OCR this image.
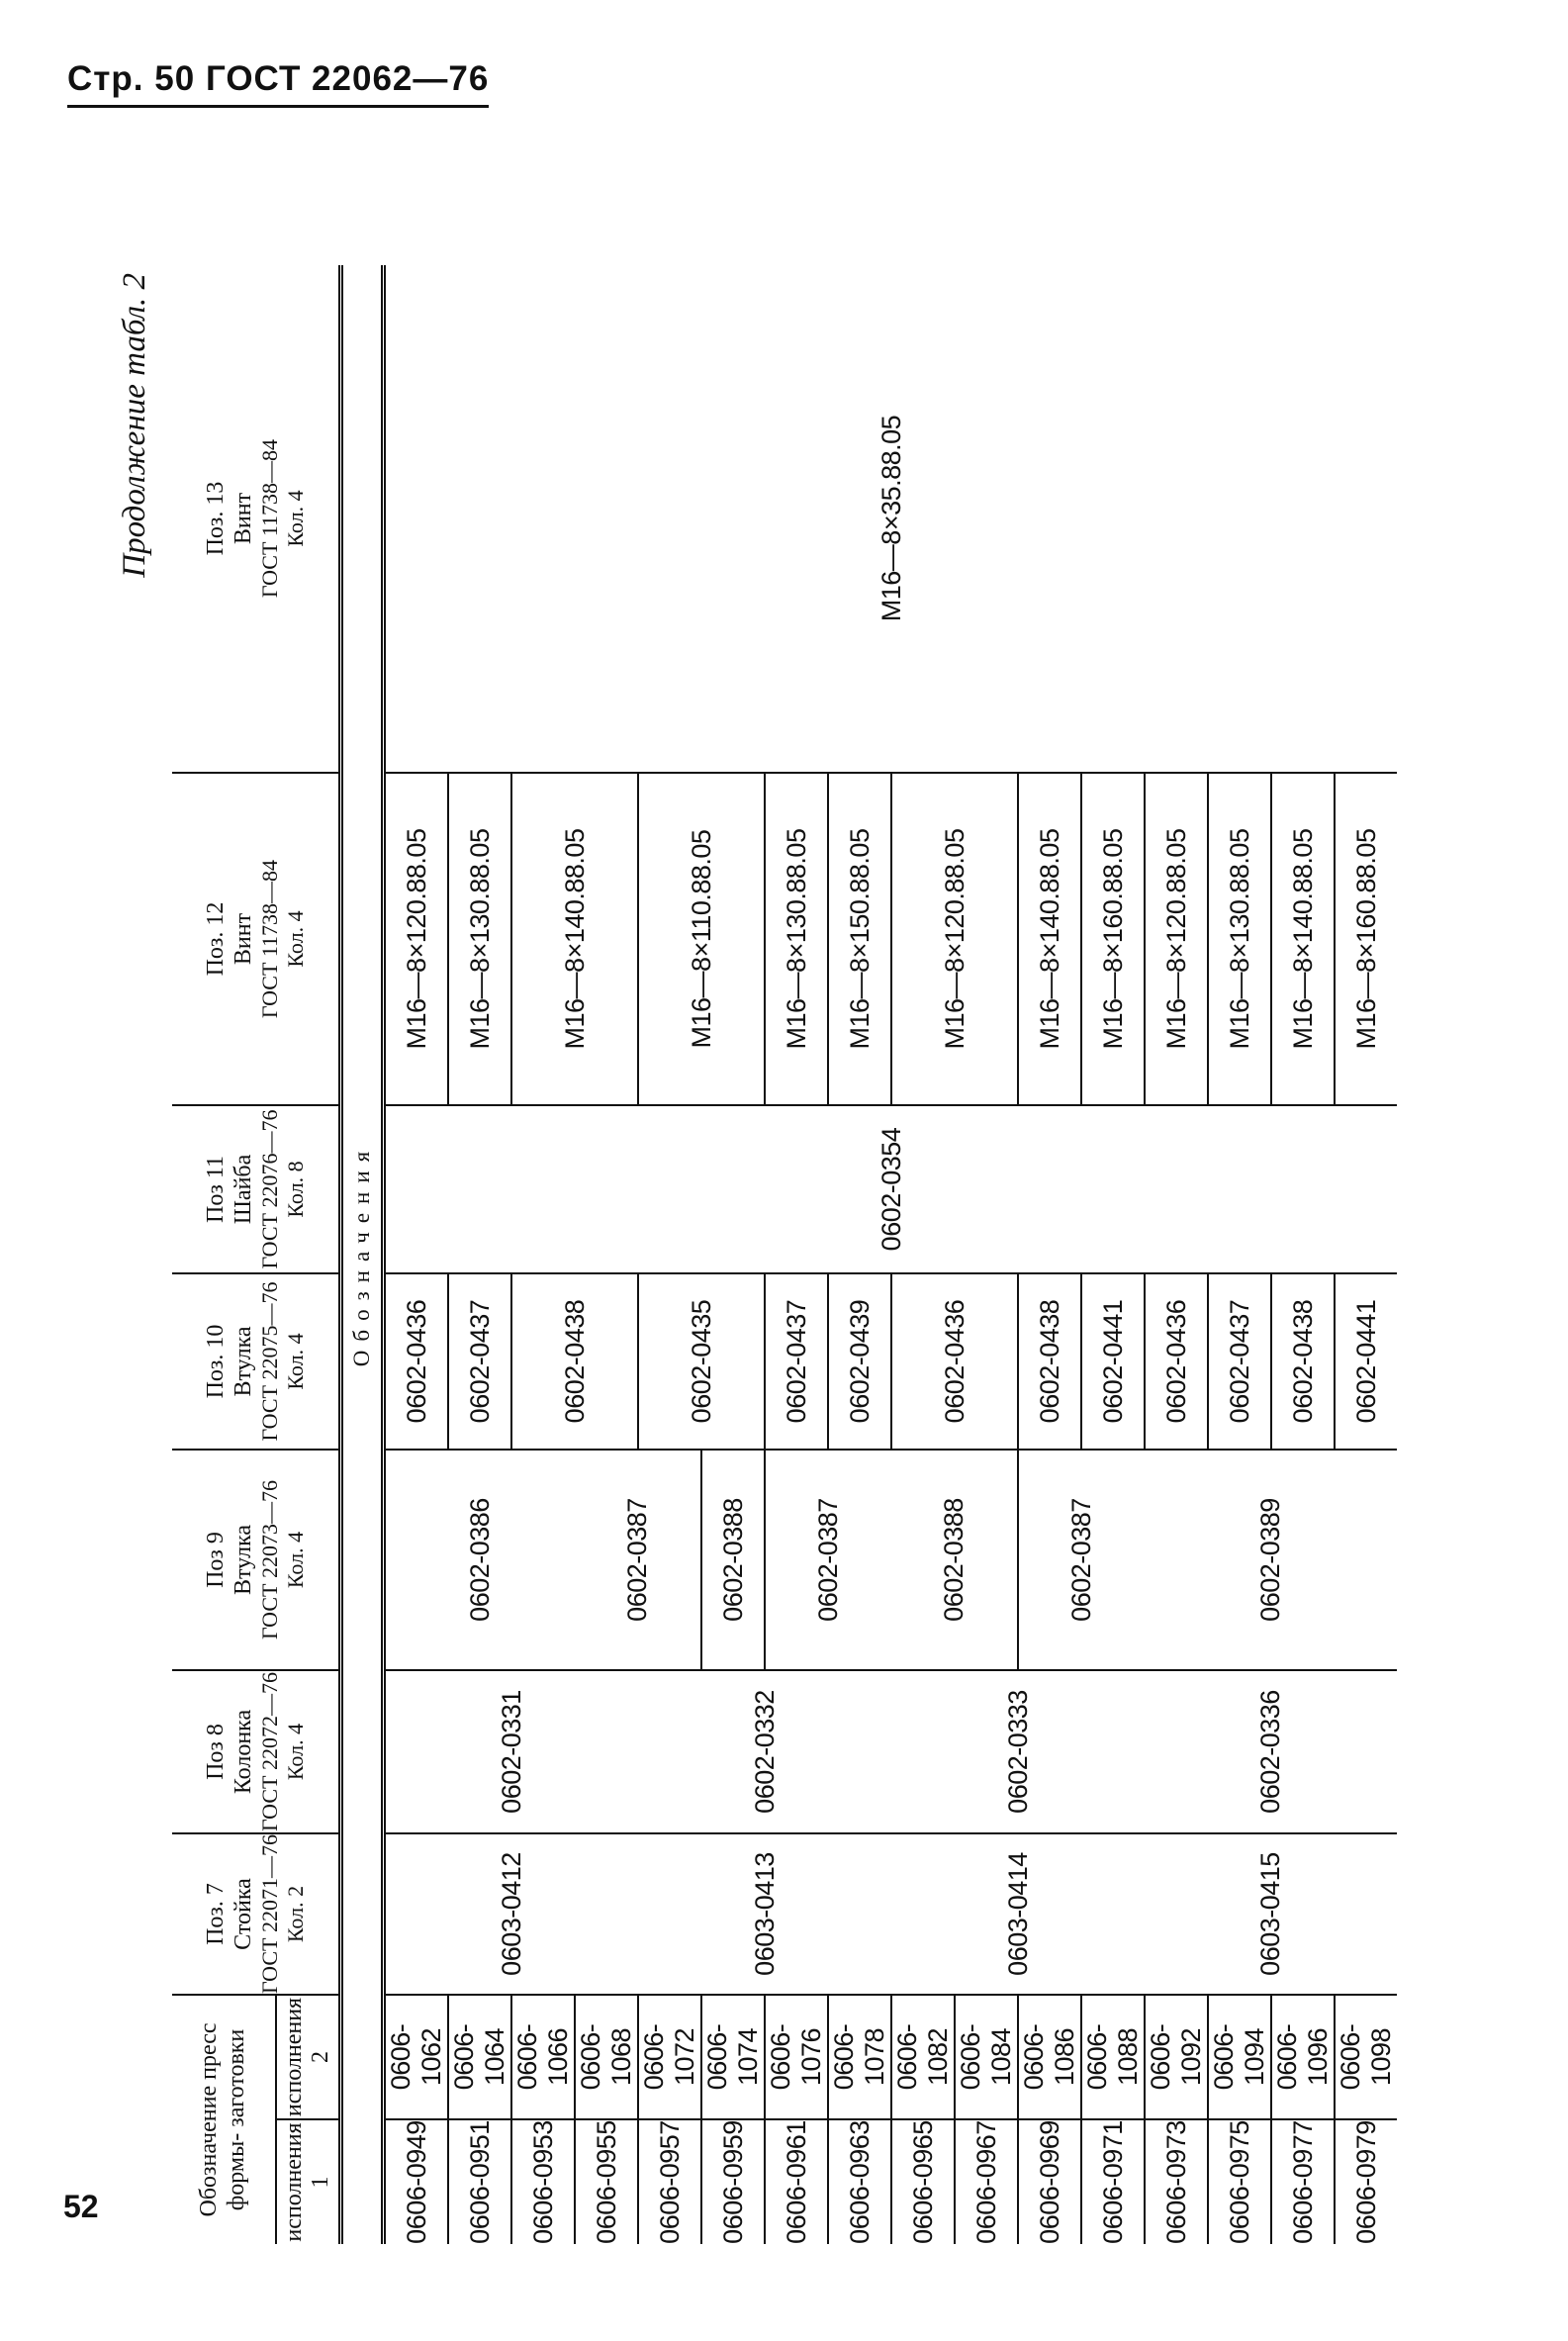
Стр. 50 ГОСТ 22062—76
Продолжение табл. 2
Обозначение пресс формы- заготовки		Поз. 7 Стойка ГОСТ 22071—76 Кол. 2	Поз 8 Колонка ГОСТ 22072—76 Кол. 4	Поз 9 Втулка ГОСТ 22073—76 Кол. 4	Поз. 10 Втулка ГОСТ 22075—76 Кол. 4	Поз 11 Шайба ГОСТ 22076—76 Кол. 8	Поз. 12 Винт ГОСТ 11738—84 Кол. 4	Поз. 13 Винт ГОСТ 11738—84 Кол. 4

исполнения 1	исполнения 2							
Обозначения								
0606-0949	0606-1062	0603-0412	0602-0331	0602-0386	0602-0436	0602-0354	М16—8×120.88.05	М16—8×35.88.05
0606-0951	0606-1064				0602-0437		М16—8×130.88.05	
0606-0953	0606-1066				0602-0438		М16—8×140.88.05	
0606-0955	0606-1068			0602-0387				
0606-0957	0606-1072	0603-0413	0602-0332		0602-0435		М16—8×110.88.05	
0606-0959	0606-1074			0602-0388				
0606-0961	0606-1076			0602-0387	0602-0437		М16—8×130.88.05	
0606-0963	0606-1078				0602-0439		М16—8×150.88.05	
0606-0965	0606-1082	0603-0414	0602-0333	0602-0388	0602-0436		М16—8×120.88.05	
0606-0967	0606-1084							
0606-0969	0606-1086			0602-0387	0602-0438		М16—8×140.88.05	
0606-0971	0606-1088				0602-0441		М16—8×160.88.05	
0606-0973	0606-1092	0603-0415	0602-0336	0602-0389	0602-0436		М16—8×120.88.05	
0606-0975	0606-1094				0602-0437		М16—8×130.88.05	
0606-0977	0606-1096				0602-0438		М16—8×140.88.05	
0606-0979	0606-1098				0602-0441		М16—8×160.88.05	
52
